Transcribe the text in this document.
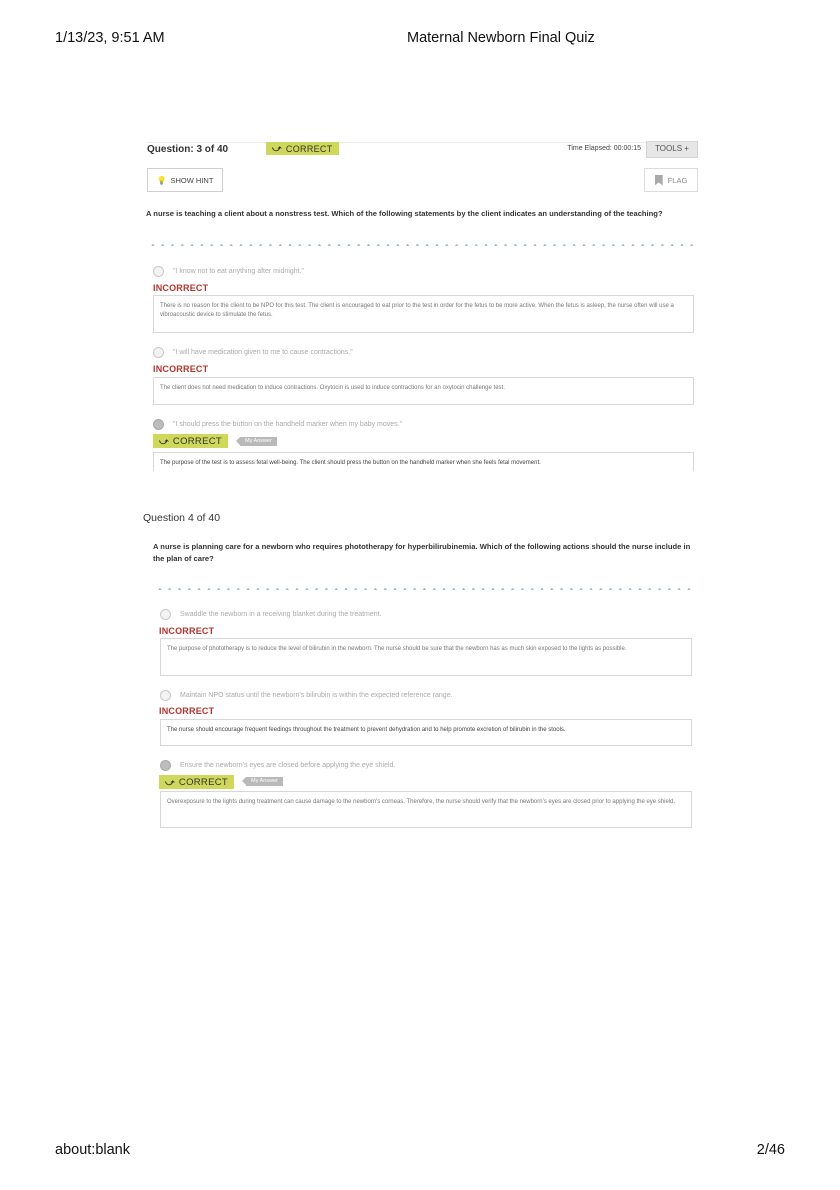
1/13/23, 9:51 AM	Maternal Newborn Final Quiz
Question: 3 of 40	⤻ CORRECT	Time Elapsed: 00:00:15	TOOLS +
💡 SHOW HINT	FLAG
A nurse is teaching a client about a nonstress test. Which of the following statements by the client indicates an understanding of the teaching?
"I know not to eat anything after midnight."
INCORRECT
There is no reason for the client to be NPO for this test. The client is encouraged to eat prior to the test in order for the fetus to be more active. When the fetus is asleep, the nurse often will use a vibroacoustic device to stimulate the fetus.
"I will have medication given to me to cause contractions."
INCORRECT
The client does not need medication to induce contractions. Oxytocin is used to induce contractions for an oxytocin challenge test.
"I should press the button on the handheld marker when my baby moves."
⤻ CORRECT	My Answer
The purpose of the test is to assess fetal well-being. The client should press the button on the handheld marker when she feels fetal movement.
Question 4 of 40
A nurse is planning care for a newborn who requires phototherapy for hyperbilirubinemia. Which of the following actions should the nurse include in the plan of care?
Swaddle the newborn in a receiving blanket during the treatment.
INCORRECT
The purpose of phototherapy is to reduce the level of bilirubin in the newborn. The nurse should be sure that the newborn has as much skin exposed to the lights as possible.
Maintain NPO status until the newborn's bilirubin is within the expected reference range.
INCORRECT
The nurse should encourage frequent feedings throughout the treatment to prevent dehydration and to help promote excretion of bilirubin in the stools.
Ensure the newborn's eyes are closed before applying the eye shield.
⤻ CORRECT	My Answer
Overexposure to the lights during treatment can cause damage to the newborn's corneas. Therefore, the nurse should verify that the newborn's eyes are closed prior to applying the eye shield.
about:blank	2/46
